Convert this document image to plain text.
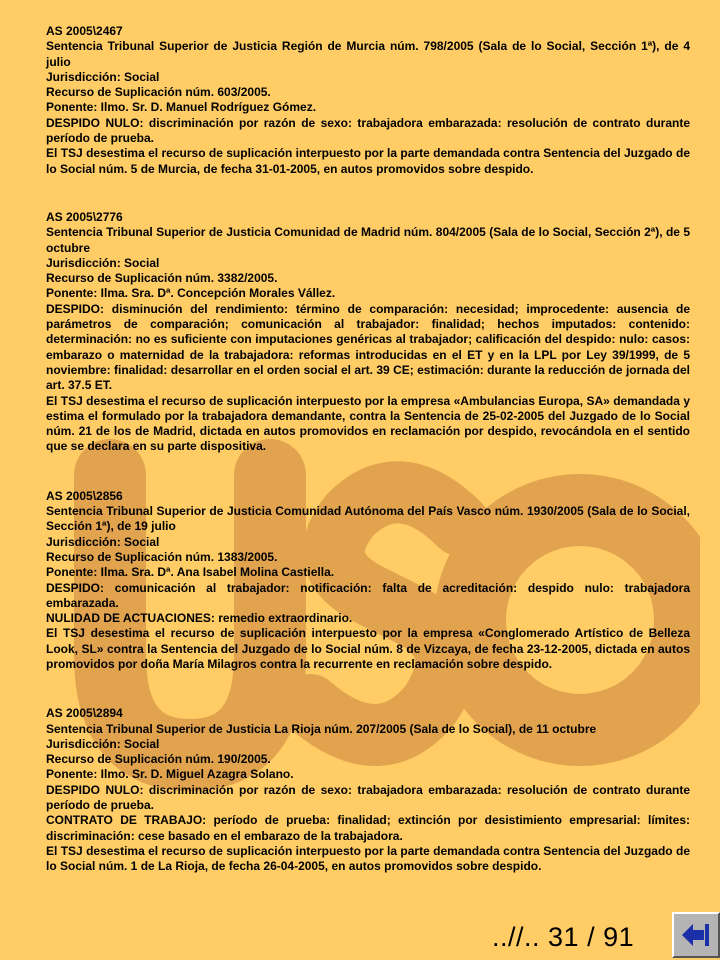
i

AS 2005\2467

Sentencia Tribunal Superior de Justicia Región de Murcia núm. 798/2005 (Sala de lo Social, Sección 1ª), de 4 julio

Jurisdicción: Social

Recurso de Suplicación núm. 603/2005.

Ponente: Ilmo. Sr. D. Manuel Rodríguez Gómez.

DESPIDO NULO: discriminación por razón de sexo: trabajadora embarazada: resolución de contrato durante período de prueba.

El TSJ desestima el recurso de suplicación interpuesto por la parte demandada contra Sentencia del Juzgado de lo Social núm. 5 de Murcia, de fecha 31-01-2005, en autos promovidos sobre despido.

AS 2005\2776

Sentencia Tribunal Superior de Justicia Comunidad de Madrid núm. 804/2005 (Sala de lo Social, Sección 2ª), de 5 octubre

Jurisdicción: Social

Recurso de Suplicación núm. 3382/2005.

Ponente: Ilma. Sra. Dª. Concepción Morales Vállez.

DESPIDO: disminución del rendimiento: término de comparación: necesidad; improcedente: ausencia de parámetros de comparación; comunicación al trabajador: finalidad; hechos imputados: contenido: determinación: no es suficiente con imputaciones genéricas al trabajador; calificación del despido: nulo: casos: embarazo o maternidad de la trabajadora: reformas introducidas en el ET y en la LPL por Ley 39/1999, de 5 noviembre: finalidad: desarrollar en el orden social el art. 39 CE; estimación: durante la reducción de jornada del art. 37.5 ET.

El TSJ desestima el recurso de suplicación interpuesto por la empresa «Ambulancias Europa, SA» demandada y estima el formulado por la trabajadora demandante, contra la Sentencia de 25-02-2005 del Juzgado de lo Social núm. 21 de los de Madrid, dictada en autos promovidos en reclamación por despido, revocándola en el sentido que se declara en su parte dispositiva.

AS 2005\2856

Sentencia Tribunal Superior de Justicia Comunidad Autónoma del País Vasco núm. 1930/2005 (Sala de lo Social, Sección 1ª), de 19 julio

Jurisdicción: Social

Recurso de Suplicación núm. 1383/2005.

Ponente: Ilma. Sra. Dª. Ana Isabel Molina Castiella.

DESPIDO: comunicación al trabajador: notificación: falta de acreditación: despido nulo: trabajadora embarazada.

NULIDAD DE ACTUACIONES: remedio extraordinario.

El TSJ desestima el recurso de suplicación interpuesto por la empresa «Conglomerado Artístico de Belleza Look, SL» contra la Sentencia del Juzgado de lo Social núm. 8 de Vizcaya, de fecha 23-12-2005, dictada en autos promovidos por doña María Milagros contra la recurrente en reclamación sobre despido.

AS 2005\2894

Sentencia Tribunal Superior de Justicia La Rioja núm. 207/2005 (Sala de lo Social), de 11 octubre

Jurisdicción: Social

Recurso de Suplicación núm. 190/2005.

Ponente: Ilmo. Sr. D. Miguel Azagra Solano.

DESPIDO NULO: discriminación por razón de sexo: trabajadora embarazada: resolución de contrato durante período de prueba.

CONTRATO DE TRABAJO: período de prueba: finalidad; extinción por desistimiento empresarial: límites: discriminación: cese basado en el embarazo de la trabajadora.

El TSJ desestima el recurso de suplicación interpuesto por la parte demandada contra Sentencia del Juzgado de lo Social núm. 1 de La Rioja, de fecha 26-04-2005, en autos promovidos sobre despido.

..//.. 31 / 91
